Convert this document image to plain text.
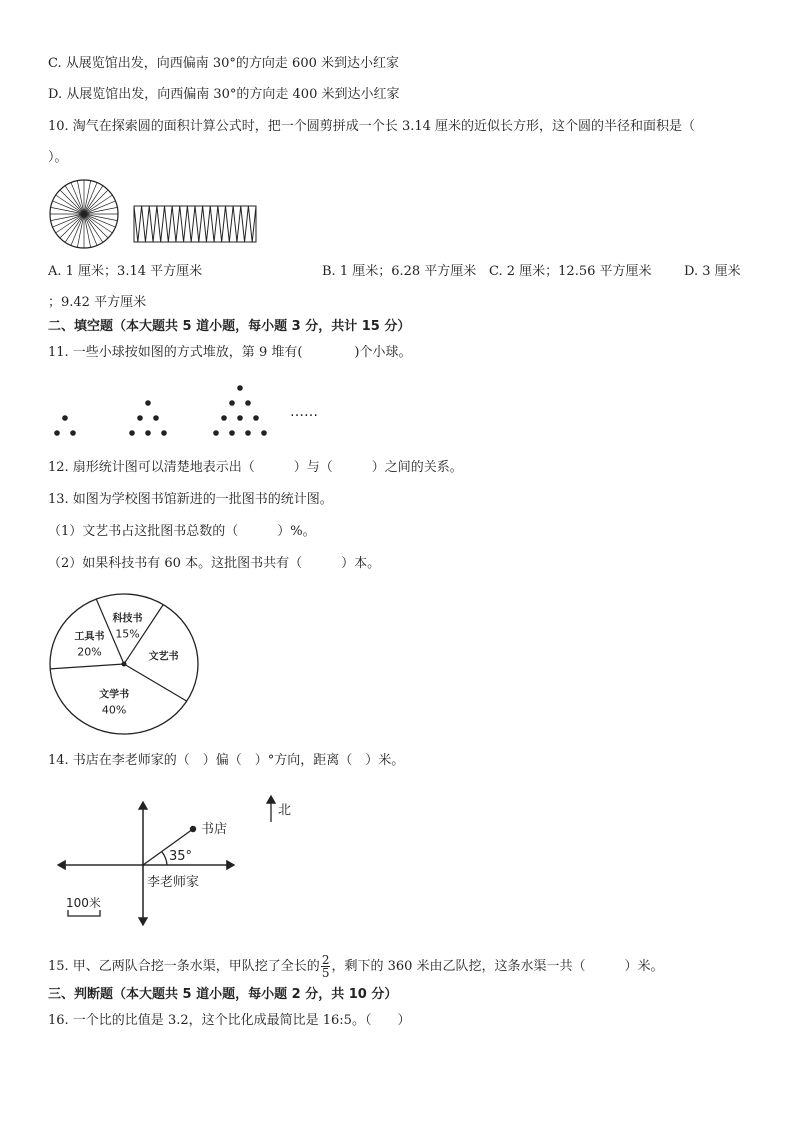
C. 从展览馆出发，向西偏南 30°的方向走 600 米到达小红家
D. 从展览馆出发，向西偏南 30°的方向走 400 米到达小红家
10. 淘气在探索圆的面积计算公式时，把一个圆剪拼成一个长 3.14 厘米的近似长方形，这个圆的半径和面积是（
）。
A. 1 厘米；3.14 平方厘米	B. 1 厘米；6.28 平方厘米 C. 2 厘米；12.56 平方厘米 D. 3 厘米
；9.42 平方厘米
二、填空题（本大题共 5 道小题，每小题 3 分，共计 15 分）
11. 一些小球按如图的方式堆放，第 9 堆有(　　　　)个小球。
……
12. 扇形统计图可以清楚地表示出（　　　）与（　　　）之间的关系。
13. 如图为学校图书馆新进的一批图书的统计图。
（1）文艺书占这批图书总数的（　　　）%。
（2）如果科技书有 60 本。这批图书共有（　　　）本。
科技书
15%
文艺书
文学书
40%
工具书
20%
14. 书店在李老师家的（　）偏（　）°方向，距离（　）米。
北
书店
35°
李老师家
100米
15. 甲、乙两队合挖一条水渠，甲队挖了全长的 $\frac{2}{5}$ ，剩下的 360 米由乙队挖，这条水渠一共（　　　）米。
三、判断题（本大题共 5 道小题，每小题 2 分，共 10 分）
16. 一个比的比值是 3.2，这个比化成最简比是 16:5。（　　）
